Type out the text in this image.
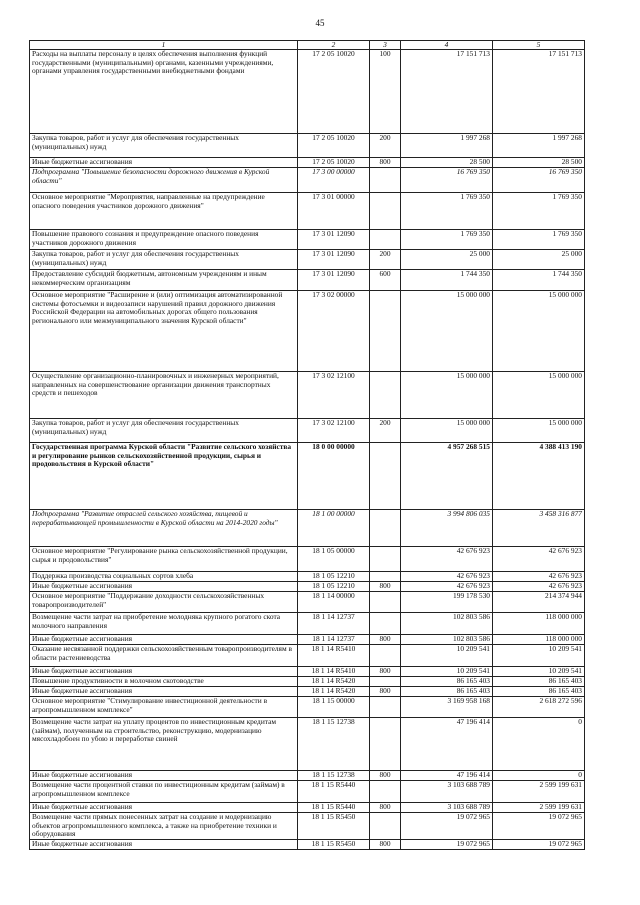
45
1	2	3	4	5
Расходы на выплаты персоналу в целях обеспечения выполнения функций государственными (муниципальными) органами, казенными учреждениями, органами управления государственными внебюджетными фондами	17 2 05 10020	100	17 151 713	17 151 713
Закупка товаров, работ и услуг для обеспечения государственных (муниципальных) нужд	17 2 05 10020	200	1 997 268	1 997 268
Иные бюджетные ассигнования	17 2 05 10020	800	28 500	28 500
Подпрограмма "Повышение безопасности дорожного движения в Курской области"	17 3 00 00000		16 769 350	16 769 350
Основное мероприятие "Мероприятия, направленные на предупреждение опасного поведения участников дорожного движения"	17 3 01 00000		1 769 350	1 769 350
Повышение правового сознания и предупреждение опасного поведения участников дорожного движения	17 3 01 12090		1 769 350	1 769 350
Закупка товаров, работ и услуг для обеспечения государственных (муниципальных) нужд	17 3 01 12090	200	25 000	25 000
Предоставление субсидий бюджетным, автономным учреждениям и иным некоммерческим организациям	17 3 01 12090	600	1 744 350	1 744 350
Основное мероприятие "Расширение и (или) оптимизация автоматизированной системы фотосъемки и видеозаписи нарушений правил дорожного движения Российской Федерации на автомобильных дорогах общего пользования регионального или межмуниципального значения Курской области"	17 3 02 00000		15 000 000	15 000 000
Осуществление организационно-планировочных и инженерных мероприятий, направленных на совершенствование организации движения транспортных средств и пешеходов	17 3 02 12100		15 000 000	15 000 000
Закупка товаров, работ и услуг для обеспечения государственных (муниципальных) нужд	17 3 02 12100	200	15 000 000	15 000 000
Государственная программа Курской области "Развитие сельского хозяйства и регулирование рынков сельскохозяйственной продукции, сырья и продовольствия в Курской области"	18 0 00 00000		4 957 268 515	4 388 413 190
Подпрограмма "Развитие отраслей сельского хозяйства, пищевой и перерабатывающей промышленности в Курской области на 2014-2020 годы"	18 1 00 00000		3 994 806 035	3 458 316 877
Основное мероприятие "Регулирование рынка сельскохозяйственной продукции, сырья и продовольствия"	18 1 05 00000		42 676 923	42 676 923
Поддержка производства социальных сортов хлеба	18 1 05 12210		42 676 923	42 676 923
Иные бюджетные ассигнования	18 1 05 12210	800	42 676 923	42 676 923
Основное мероприятие "Поддержание доходности сельскохозяйственных товаропроизводителей"	18 1 14 00000		199 178 530	214 374 944
Возмещение части затрат на приобретение молодняка крупного рогатого скота молочного направления	18 1 14 12737		102 803 586	118 000 000
Иные бюджетные ассигнования	18 1 14 12737	800	102 803 586	118 000 000
Оказание несвязанной поддержки сельскохозяйственным товаропроизводителям в области растениеводства	18 1 14 R5410		10 209 541	10 209 541
Иные бюджетные ассигнования	18 1 14 R5410	800	10 209 541	10 209 541
Повышение продуктивности в молочном скотоводстве	18 1 14 R5420		86 165 403	86 165 403
Иные бюджетные ассигнования	18 1 14 R5420	800	86 165 403	86 165 403
Основное мероприятие "Стимулирование инвестиционной деятельности в агропромышленном комплексе"	18 1 15 00000		3 169 958 168	2 618 272 596
Возмещение части затрат на уплату процентов по инвестиционным кредитам (займам), полученным на строительство, реконструкцию, модернизацию мясохладобоен по убою и переработке свиней	18 1 15 12738		47 196 414	0
Иные бюджетные ассигнования	18 1 15 12738	800	47 196 414	0
Возмещение части процентной ставки по инвестиционным кредитам (займам) в агропромышленном комплексе	18 1 15 R5440		3 103 688 789	2 599 199 631
Иные бюджетные ассигнования	18 1 15 R5440	800	3 103 688 789	2 599 199 631
Возмещение части прямых понесенных затрат на создание и модернизацию объектов агропромышленного комплекса, а также на приобретение техники и оборудования	18 1 15 R5450		19 072 965	19 072 965
Иные бюджетные ассигнования	18 1 15 R5450	800	19 072 965	19 072 965
